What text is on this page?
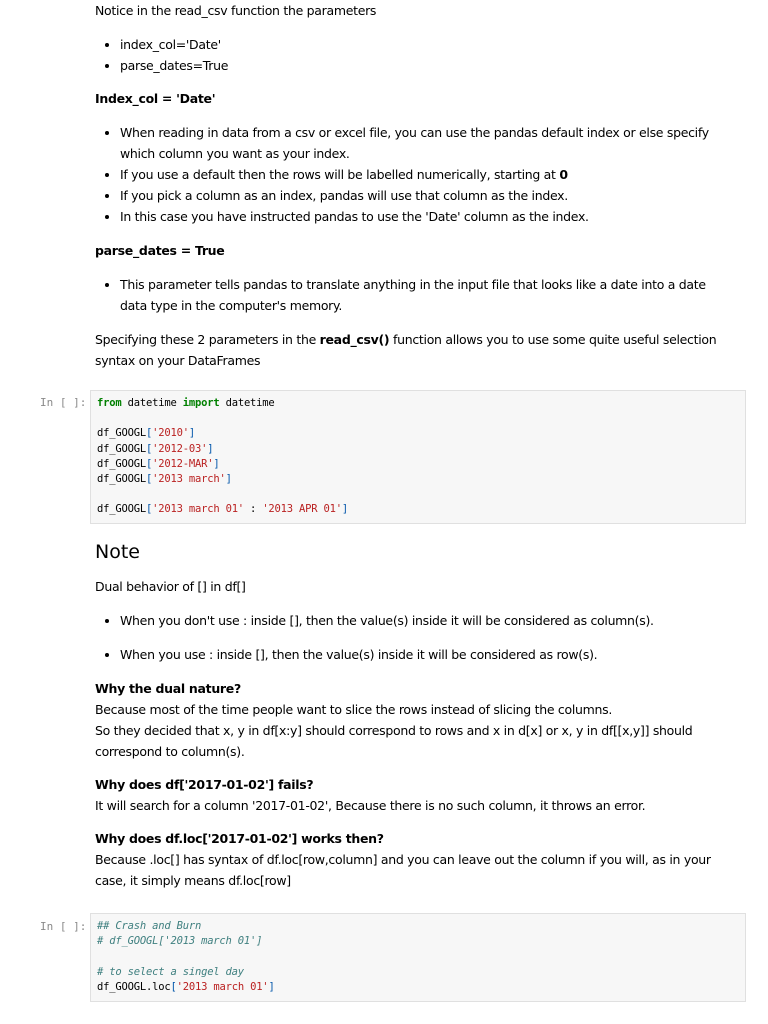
Notice in the read_csv function the parameters

• index_col='Date'
• parse_dates=True

Index_col = 'Date'

• When reading in data from a csv or excel file, you can use the pandas default index or else specify which column you want as your index.
• If you use a default then the rows will be labelled numerically, starting at 0
• If you pick a column as an index, pandas will use that column as the index.
• In this case you have instructed pandas to use the 'Date' column as the index.

parse_dates = True

• This parameter tells pandas to translate anything in the input file that looks like a date into a date data type in the computer's memory.

Specifying these 2 parameters in the read_csv() function allows you to use some quite useful selection syntax on your DataFrames

In [ ]:	from datetime import datetime

df_GOOGL['2010']
df_GOOGL['2012-03']
df_GOOGL['2012-MAR']
df_GOOGL['2013 march']

df_GOOGL['2013 march 01' : '2013 APR 01']

Note

Dual behavior of [] in df[]

• When you don't use : inside [], then the value(s) inside it will be considered as column(s).
• When you use : inside [], then the value(s) inside it will be considered as row(s).

Why the dual nature?

Because most of the time people want to slice the rows instead of slicing the columns.

So they decided that x, y in df[x:y] should correspond to rows and x in d[x] or x, y in df[[x,y]] should correspond to column(s).

Why does df['2017-01-02'] fails?

It will search for a column '2017-01-02', Because there is no such column, it throws an error.

Why does df.loc['2017-01-02'] works then?

Because .loc[] has syntax of df.loc[row,column] and you can leave out the column if you will, as in your case, it simply means df.loc[row]

In [ ]:	## Crash and Burn
# df_GOOGL['2013 march 01']

# to select a singel day
df_GOOGL.loc['2013 march 01']
